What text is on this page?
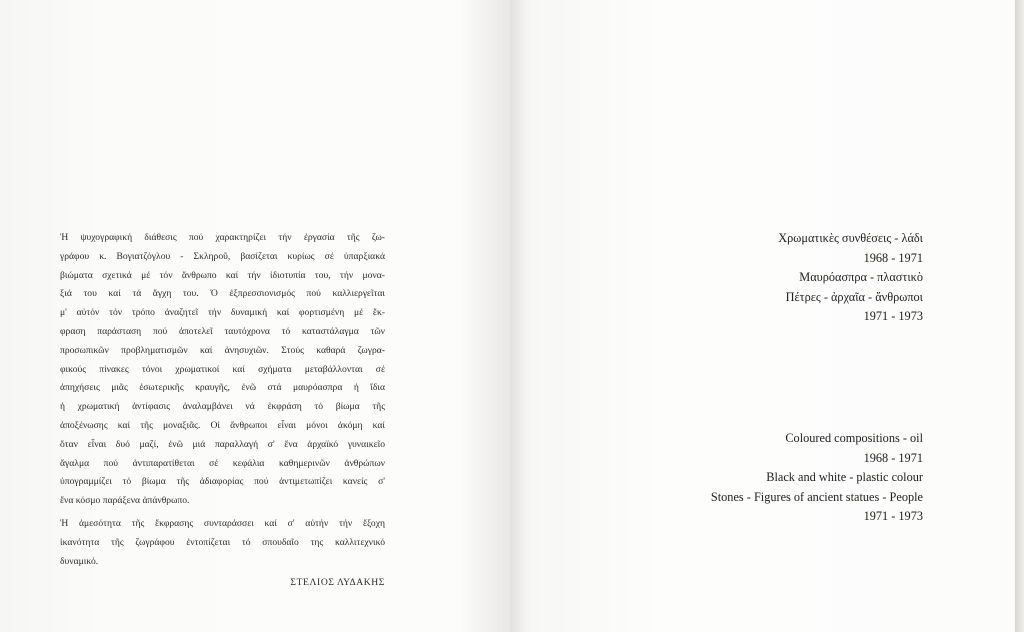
Ἡ ψυχογραφική διάθεσις πού χαρακτηρίζει τήν ἐργασία τῆς ζω-
γράφου κ. Βογιατζόγλου - Σκληροῦ, βασίζεται κυρίως σέ ὑπαρξιακά
βιώματα σχετικά μέ τόν ἄνθρωπο καί τήν ἰδιοτυπία του, τήν μονα-
ξιά του καί τά ἄγχη του. Ὁ ἐξπρεσσιονισμός πού καλλιεργεῖται
μ' αὐτόν τόν τρόπο ἀναζητεῖ τήν δυναμική καί φορτισμένη μέ ἔκ-
φραση παράσταση πού ἀποτελεῖ ταυτόχρονα τό καταστάλαγμα τῶν
προσωπικῶν προβληματισμῶν καί ἀνησυχιῶν. Στούς καθαρά ζωγρα-
φικούς πίνακες τόνοι χρωματικοί καί σχήματα μεταβάλλονται σέ
ἀπηχήσεις μιᾶς ἐσωτερικῆς κραυγῆς, ἐνῶ στά μαυρόασπρα ἡ ἴδια
ἡ χρωματική ἀντίφασις ἀναλαμβάνει νά ἐκφράση τό βίωμα τῆς
ἀποξένωσης καί τῆς μοναξιᾶς. Οἱ ἄνθρωποι εἶναι μόνοι ἀκόμη καί
ὅταν εἶναι δυό μαζί, ἐνῶ μιά παραλλαγή σ' ἕνα ἀρχαϊκό γυναικεῖο
ἄγαλμα πού ἀντιπαρατίθεται σέ κεφάλια καθημερινῶν ἀνθρώπων
ὑπογραμμίζει τό βίωμα τῆς ἀδιαφορίας πού ἀντιμετωπίζει κανείς σ'
ἕνα κόσμο παράξενα ἀπάνθρωπο.
Ἡ ἀμεσότητα τῆς ἔκφρασης συνταράσσει καί σ' αὐτήν τήν ἔξοχη
ἱκανότητα τῆς ζωγράφου ἐντοπίζεται τό σπουδαῖο της καλλιτεχνικό
δυναμικό.
ΣΤΕΛΙΟΣ ΛΥΔΑΚΗΣ
Χρωματικὲς συνθέσεις - λάδι
1968 - 1971
Μαυρόασπρα - πλαστικὸ
Πέτρες - ἀρχαῖα - ἄνθρωποι
1971 - 1973
Coloured compositions - oil
1968 - 1971
Black and white - plastic colour
Stones - Figures of ancient statues - People
1971 - 1973
